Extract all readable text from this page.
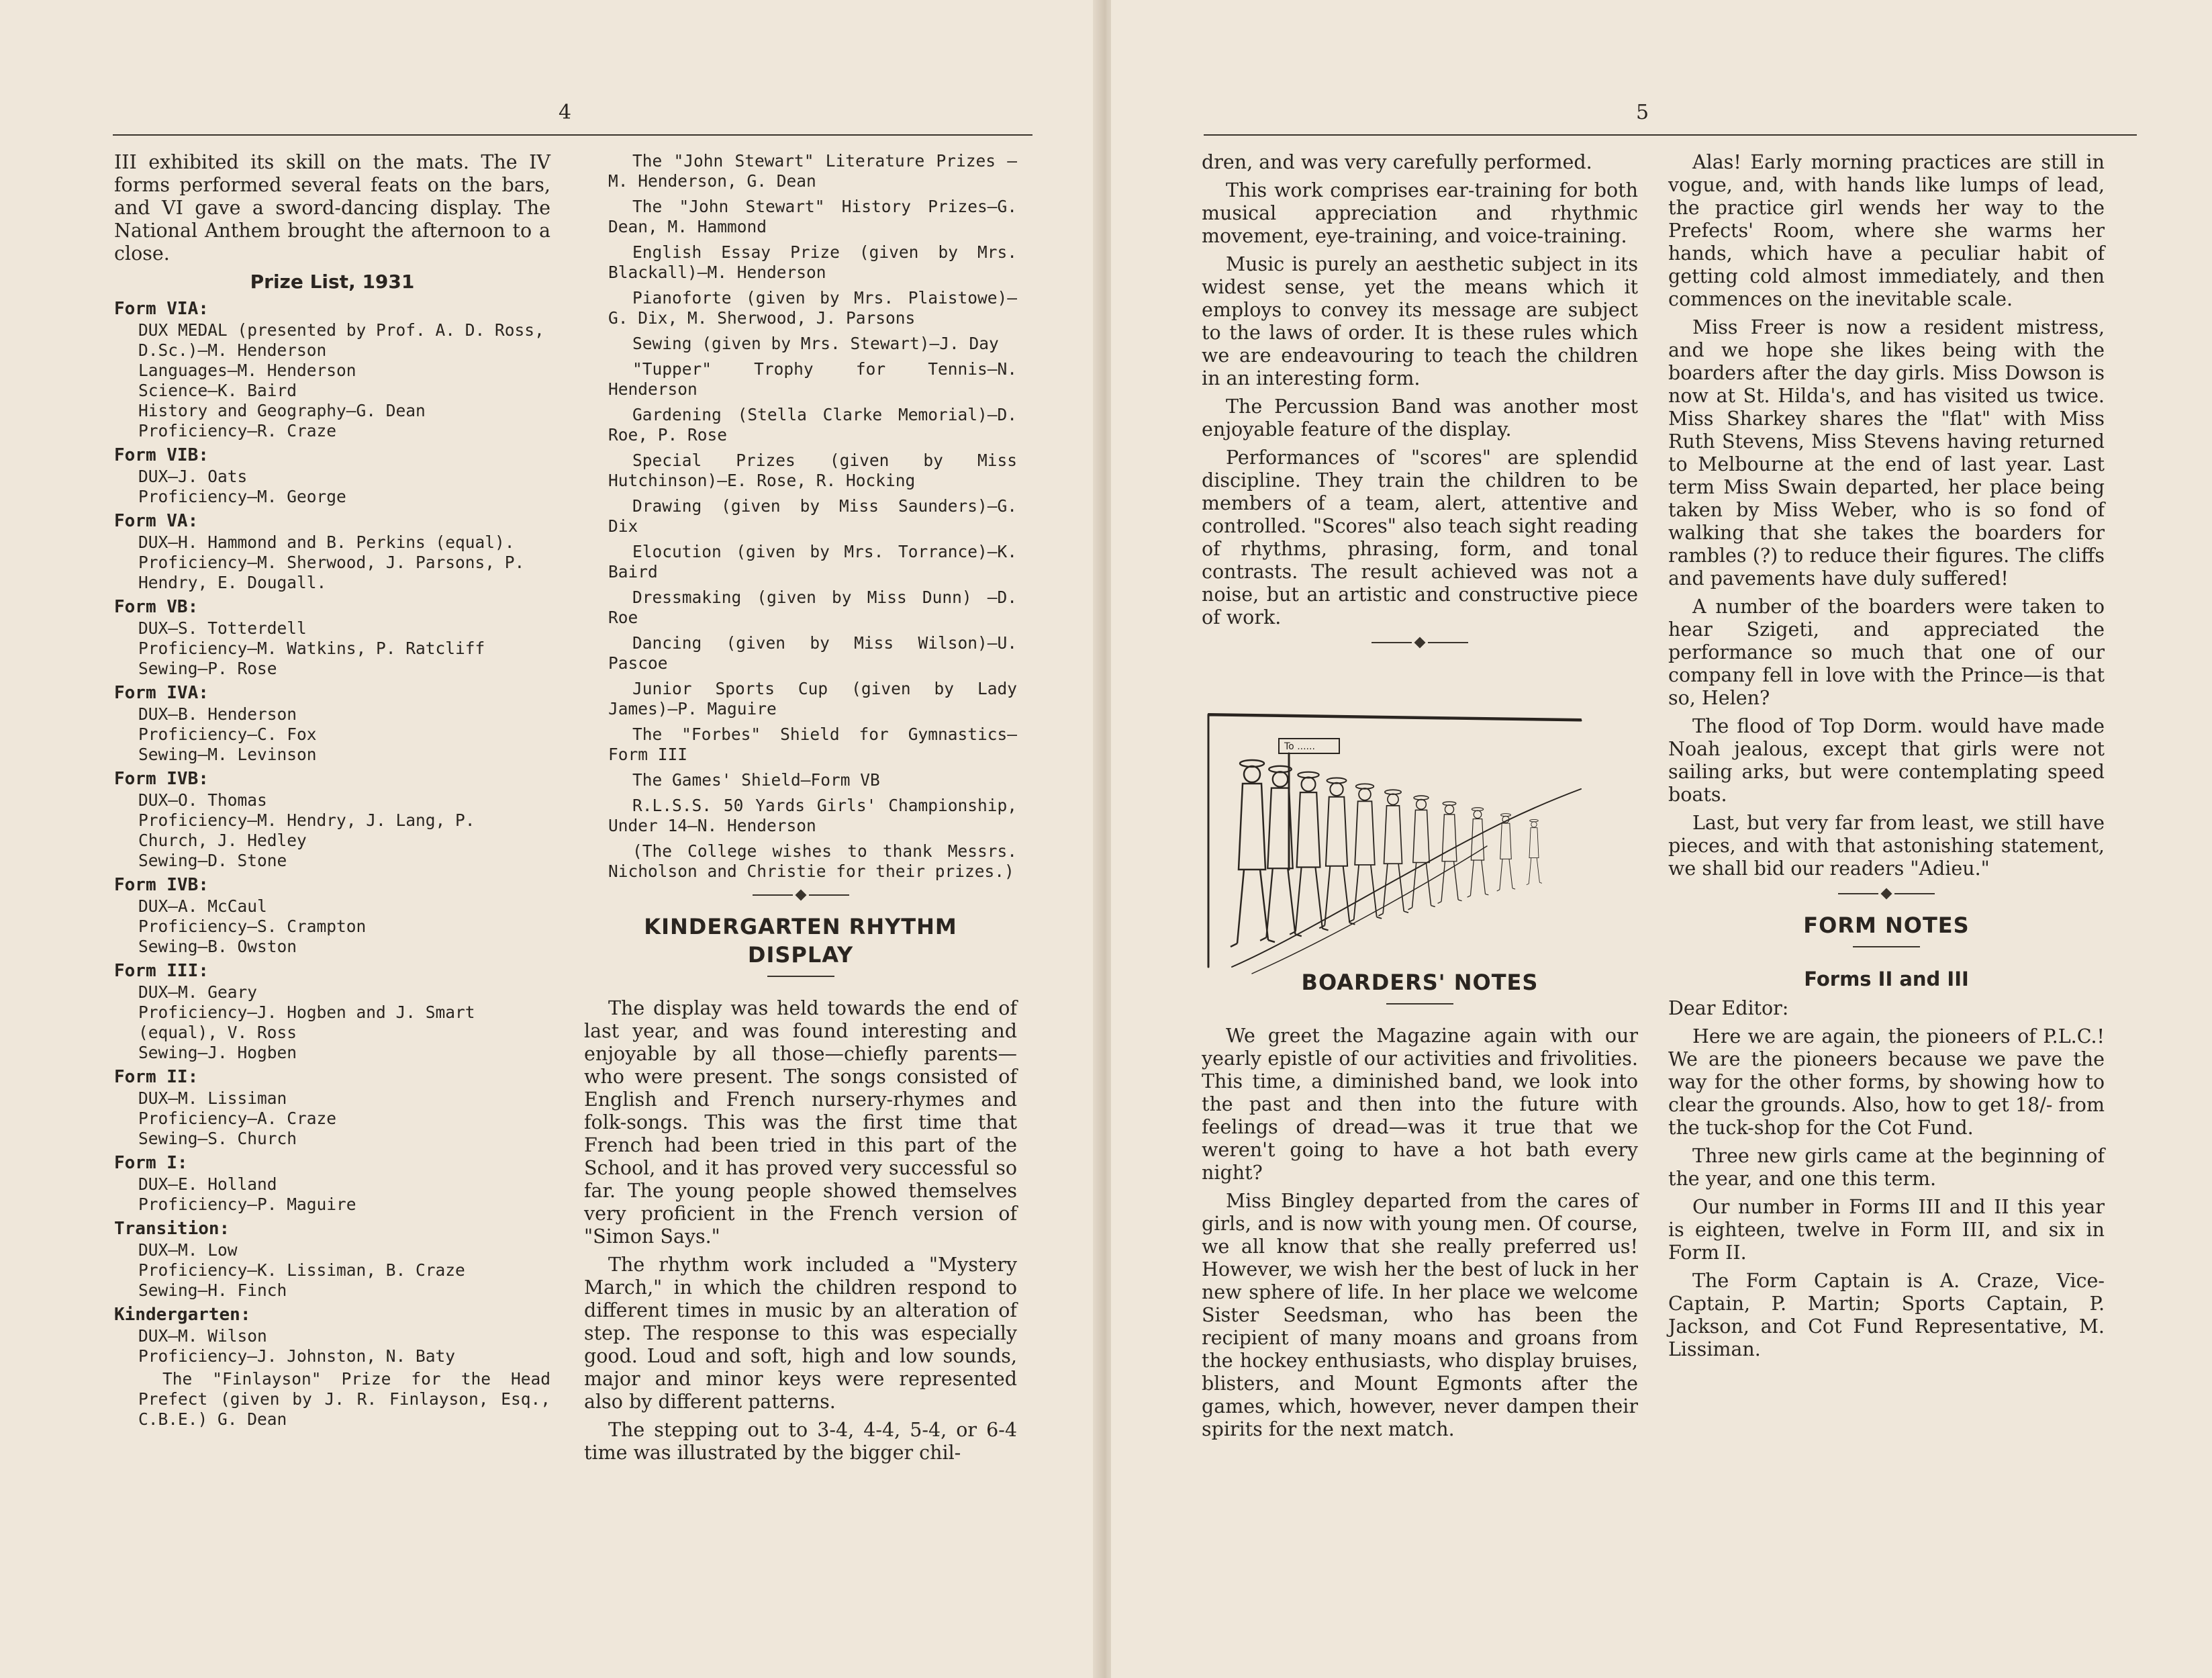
4

III exhibited its skill on the mats. The IV forms performed several feats on the bars, and VI gave a sword-dancing display. The National Anthem brought the afternoon to a close.

Prize List, 1931
Form VIA:
DUX MEDAL (presented by Prof. A. D. Ross, D.Sc.)—M. Henderson
Languages—M. Henderson
Science—K. Baird
History and Geography—G. Dean
Proficiency—R. Craze
Form VIB:
DUX—J. Oats
Proficiency—M. George
Form VA:
DUX—H. Hammond and B. Perkins (equal).
Proficiency—M. Sherwood, J. Parsons, P. Hendry, E. Dougall.
Form VB:
DUX—S. Totterdell
Proficiency—M. Watkins, P. Ratcliff
Sewing—P. Rose
Form IVA:
DUX—B. Henderson
Proficiency—C. Fox
Sewing—M. Levinson
Form IVB:
DUX—O. Thomas
Proficiency—M. Hendry, J. Lang, P. Church, J. Hedley
Sewing—D. Stone
Form IVB:
DUX—A. McCaul
Proficiency—S. Crampton
Sewing—B. Owston
Form III:
DUX—M. Geary
Proficiency—J. Hogben and J. Smart (equal), V. Ross
Sewing—J. Hogben
Form II:
DUX—M. Lissiman
Proficiency—A. Craze
Sewing—S. Church
Form I:
DUX—E. Holland
Proficiency—P. Maguire
Transition:
DUX—M. Low
Proficiency—K. Lissiman, B. Craze
Sewing—H. Finch
Kindergarten:
DUX—M. Wilson
Proficiency—J. Johnston, N. Baty

The "Finlayson" Prize for the Head Prefect (given by J. R. Finlayson, Esq., C.B.E.) G. Dean

The "John Stewart" Literature Prizes —M. Henderson, G. Dean

The "John Stewart" History Prizes—G. Dean, M. Hammond

English Essay Prize (given by Mrs. Blackall)—M. Henderson

Pianoforte (given by Mrs. Plaistowe)— G. Dix, M. Sherwood, J. Parsons

Sewing (given by Mrs. Stewart)—J. Day

"Tupper" Trophy for Tennis—N. Henderson

Gardening (Stella Clarke Memorial)—D. Roe, P. Rose

Special Prizes (given by Miss Hutchinson)—E. Rose, R. Hocking

Drawing (given by Miss Saunders)—G. Dix

Elocution (given by Mrs. Torrance)—K. Baird

Dressmaking (given by Miss Dunn) —D. Roe

Dancing (given by Miss Wilson)—U. Pascoe

Junior Sports Cup (given by Lady James)—P. Maguire

The "Forbes" Shield for Gymnastics— Form III

The Games' Shield—Form VB

R.L.S.S. 50 Yards Girls' Championship, Under 14—N. Henderson

(The College wishes to thank Messrs. Nicholson and Christie for their prizes.)

KINDERGARTEN RHYTHM
DISPLAY

The display was held towards the end of last year, and was found interesting and enjoyable by all those—chiefly parents—who were present. The songs consisted of English and French nursery-rhymes and folk-songs. This was the first time that French had been tried in this part of the School, and it has proved very successful so far. The young people showed themselves very proficient in the French version of "Simon Says."

The rhythm work included a "Mystery March," in which the children respond to different times in music by an alteration of step. The response to this was especially good. Loud and soft, high and low sounds, major and minor keys were represented also by different patterns.

The stepping out to 3-4, 4-4, 5-4, or 6-4 time was illustrated by the bigger chil-

5

dren, and was very carefully performed.

This work comprises ear-training for both musical appreciation and rhythmic movement, eye-training, and voice-training.

Music is purely an aesthetic subject in its widest sense, yet the means which it employs to convey its message are subject to the laws of order. It is these rules which we are endeavouring to teach the children in an interesting form.

The Percussion Band was another most enjoyable feature of the display.

Performances of "scores" are splendid discipline. They train the children to be members of a team, alert, attentive and controlled. "Scores" also teach sight reading of rhythms, phrasing, form, and tonal contrasts. The result achieved was not a noise, but an artistic and constructive piece of work.

BOARDERS' NOTES

We greet the Magazine again with our yearly epistle of our activities and frivolities. This time, a diminished band, we look into the past and then into the future with feelings of dread—was it true that we weren't going to have a hot bath every night?

Miss Bingley departed from the cares of girls, and is now with young men. Of course, we all know that she really preferred us! However, we wish her the best of luck in her new sphere of life. In her place we welcome Sister Seedsman, who has been the recipient of many moans and groans from the hockey enthusiasts, who display bruises, blisters, and Mount Egmonts after the games, which, however, never dampen their spirits for the next match.

Alas! Early morning practices are still in vogue, and, with hands like lumps of lead, the practice girl wends her way to the Prefects' Room, where she warms her hands, which have a peculiar habit of getting cold almost immediately, and then commences on the inevitable scale.

Miss Freer is now a resident mistress, and we hope she likes being with the boarders after the day girls. Miss Dowson is now at St. Hilda's, and has visited us twice. Miss Sharkey shares the "flat" with Miss Ruth Stevens, Miss Stevens having returned to Melbourne at the end of last year. Last term Miss Swain departed, her place being taken by Miss Weber, who is so fond of walking that she takes the boarders for rambles (?) to reduce their figures. The cliffs and pavements have duly suffered!

A number of the boarders were taken to hear Szigeti, and appreciated the performance so much that one of our company fell in love with the Prince—is that so, Helen?

The flood of Top Dorm. would have made Noah jealous, except that girls were not sailing arks, but were contemplating speed boats.

Last, but very far from least, we still have pieces, and with that astonishing statement, we shall bid our readers "Adieu."

FORM NOTES
Forms II and III

Dear Editor:

Here we are again, the pioneers of P.L.C.! We are the pioneers because we pave the way for the other forms, by showing how to clear the grounds. Also, how to get 18/- from the tuck-shop for the Cot Fund.

Three new girls came at the beginning of the year, and one this term.

Our number in Forms III and II this year is eighteen, twelve in Form III, and six in Form II.

The Form Captain is A. Craze, Vice-Captain, P. Martin; Sports Captain, P. Jackson, and Cot Fund Representative, M. Lissiman.

To ......
